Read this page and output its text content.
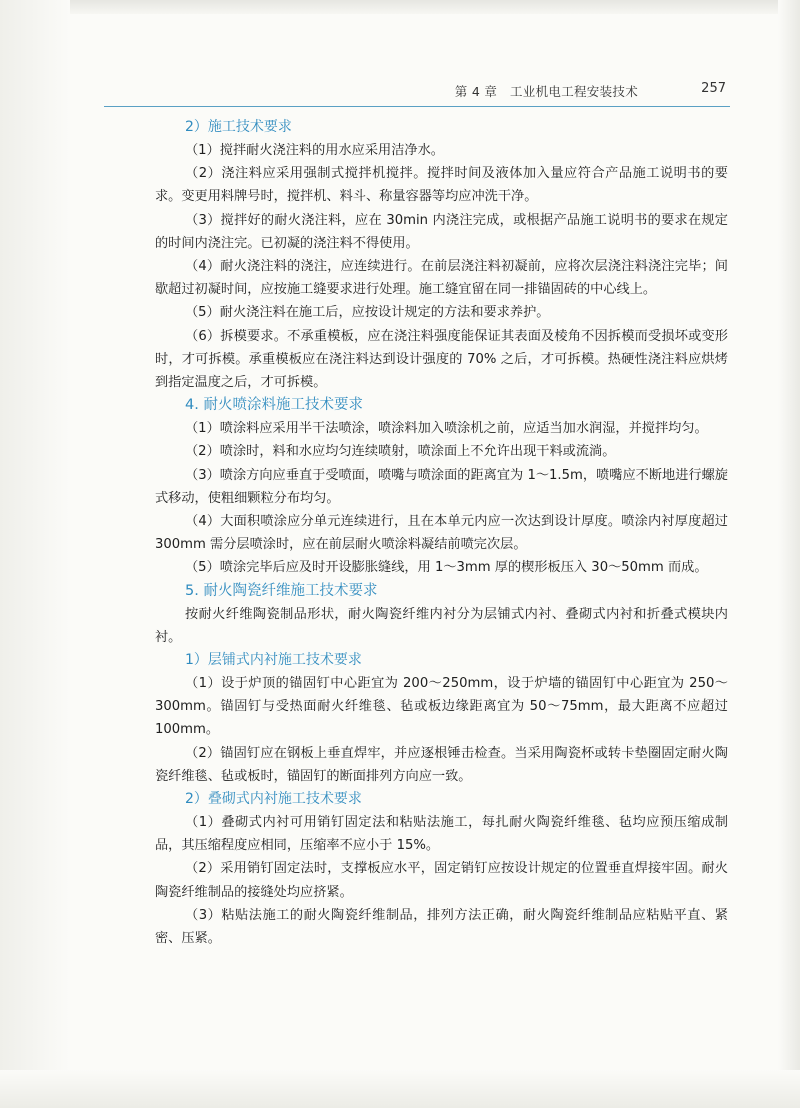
第 4 章　工业机电工程安装技术	257

2）施工技术要求

（1）搅拌耐火浇注料的用水应采用洁净水。

（2）浇注料应采用强制式搅拌机搅拌。搅拌时间及液体加入量应符合产品施工说明书的要求。变更用料牌号时，搅拌机、料斗、称量容器等均应冲洗干净。

（3）搅拌好的耐火浇注料，应在 30min 内浇注完成，或根据产品施工说明书的要求在规定的时间内浇注完。已初凝的浇注料不得使用。

（4）耐火浇注料的浇注，应连续进行。在前层浇注料初凝前，应将次层浇注料浇注完毕；间歇超过初凝时间，应按施工缝要求进行处理。施工缝宜留在同一排锚固砖的中心线上。

（5）耐火浇注料在施工后，应按设计规定的方法和要求养护。

（6）拆模要求。不承重模板，应在浇注料强度能保证其表面及棱角不因拆模而受损坏或变形时，才可拆模。承重模板应在浇注料达到设计强度的 70% 之后，才可拆模。热硬性浇注料应烘烤到指定温度之后，才可拆模。

4. 耐火喷涂料施工技术要求

（1）喷涂料应采用半干法喷涂，喷涂料加入喷涂机之前，应适当加水润湿，并搅拌均匀。

（2）喷涂时，料和水应均匀连续喷射，喷涂面上不允许出现干料或流淌。

（3）喷涂方向应垂直于受喷面，喷嘴与喷涂面的距离宜为 1～1.5m，喷嘴应不断地进行螺旋式移动，使粗细颗粒分布均匀。

（4）大面积喷涂应分单元连续进行，且在本单元内应一次达到设计厚度。喷涂内衬厚度超过 300mm 需分层喷涂时，应在前层耐火喷涂料凝结前喷完次层。

（5）喷涂完毕后应及时开设膨胀缝线，用 1～3mm 厚的楔形板压入 30～50mm 而成。

5. 耐火陶瓷纤维施工技术要求

按耐火纤维陶瓷制品形状，耐火陶瓷纤维内衬分为层铺式内衬、叠砌式内衬和折叠式模块内衬。

1）层铺式内衬施工技术要求

（1）设于炉顶的锚固钉中心距宜为 200～250mm，设于炉墙的锚固钉中心距宜为 250～300mm。锚固钉与受热面耐火纤维毯、毡或板边缘距离宜为 50～75mm，最大距离不应超过 100mm。

（2）锚固钉应在钢板上垂直焊牢，并应逐根锤击检查。当采用陶瓷杯或转卡垫圈固定耐火陶瓷纤维毯、毡或板时，锚固钉的断面排列方向应一致。

2）叠砌式内衬施工技术要求

（1）叠砌式内衬可用销钉固定法和粘贴法施工，每扎耐火陶瓷纤维毯、毡均应预压缩成制品，其压缩程度应相同，压缩率不应小于 15%。

（2）采用销钉固定法时，支撑板应水平，固定销钉应按设计规定的位置垂直焊接牢固。耐火陶瓷纤维制品的接缝处均应挤紧。

（3）粘贴法施工的耐火陶瓷纤维制品，排列方法正确，耐火陶瓷纤维制品应粘贴平直、紧密、压紧。
